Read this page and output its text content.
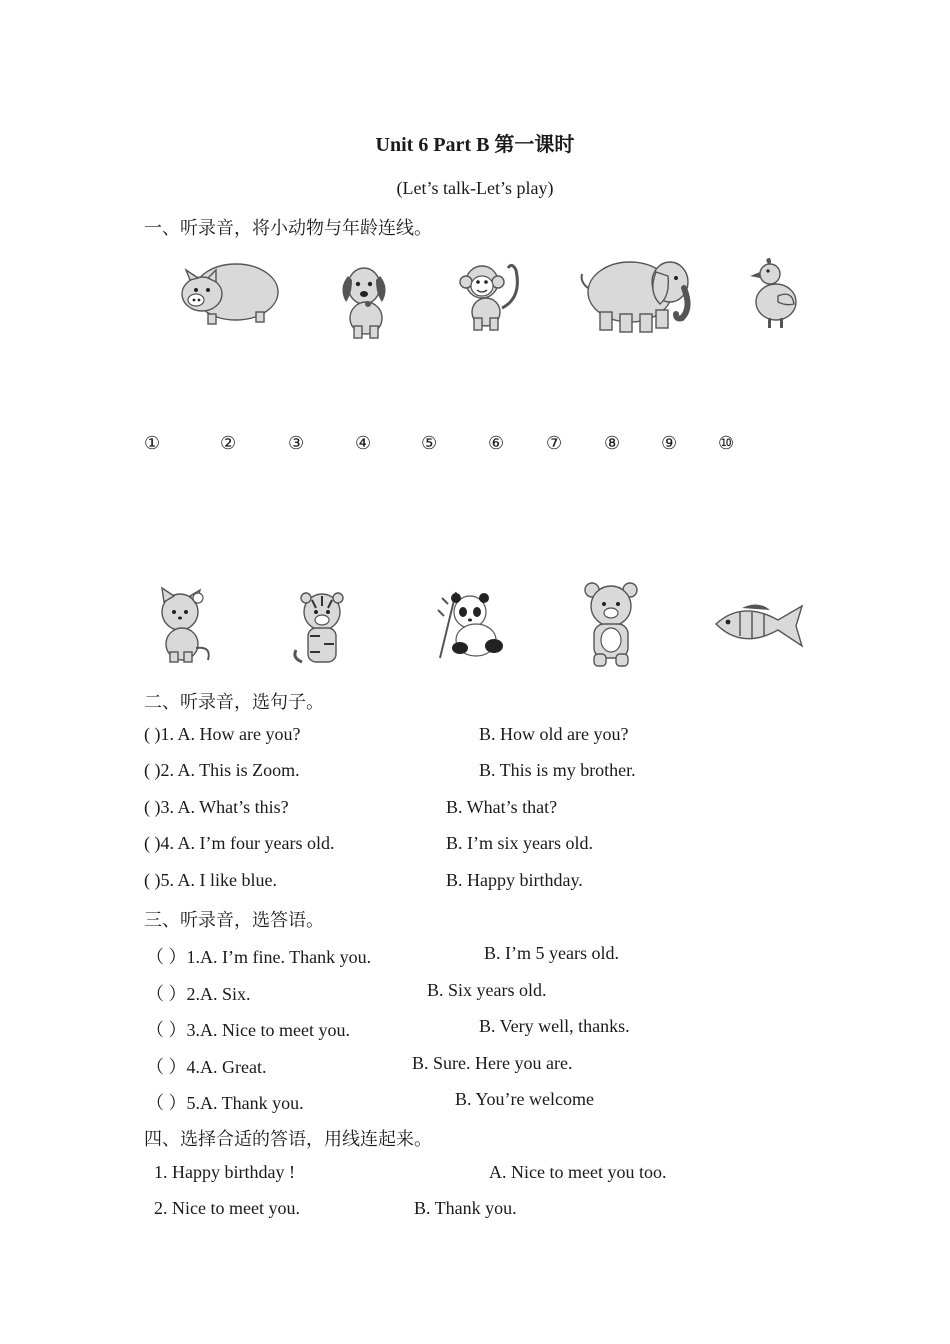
Unit 6 Part B 第一课时
(Let’s talk-Let’s play)
一、听录音，将小动物与年龄连线。
①	②	③	④	⑤	⑥ ⑦ ⑧ ⑨ ⑩
二、听录音，选句子。
( )1. A. How are you?	B. How old are you?
( )2. A. This is Zoom.	B. This is my brother.
( )3. A. What’s this?	B. What’s that?
( )4. A. I’m four years old.	B. I’m six years old.
( )5. A. I like blue.	B. Happy birthday.
三、听录音，选答语。
（ ）1.A. I’m fine. Thank you.	B. I’m 5 years old.
（ ）2.A. Six.	B. Six years old.
（ ）3.A. Nice to meet you.	B. Very well, thanks.
（ ）4.A. Great.	B. Sure. Here you are.
（ ）5.A. Thank you.	B. You’re welcome
四、选择合适的答语，用线连起来。
1. Happy birthday !	A. Nice to meet you too.
2. Nice to meet you.	B. Thank you.
